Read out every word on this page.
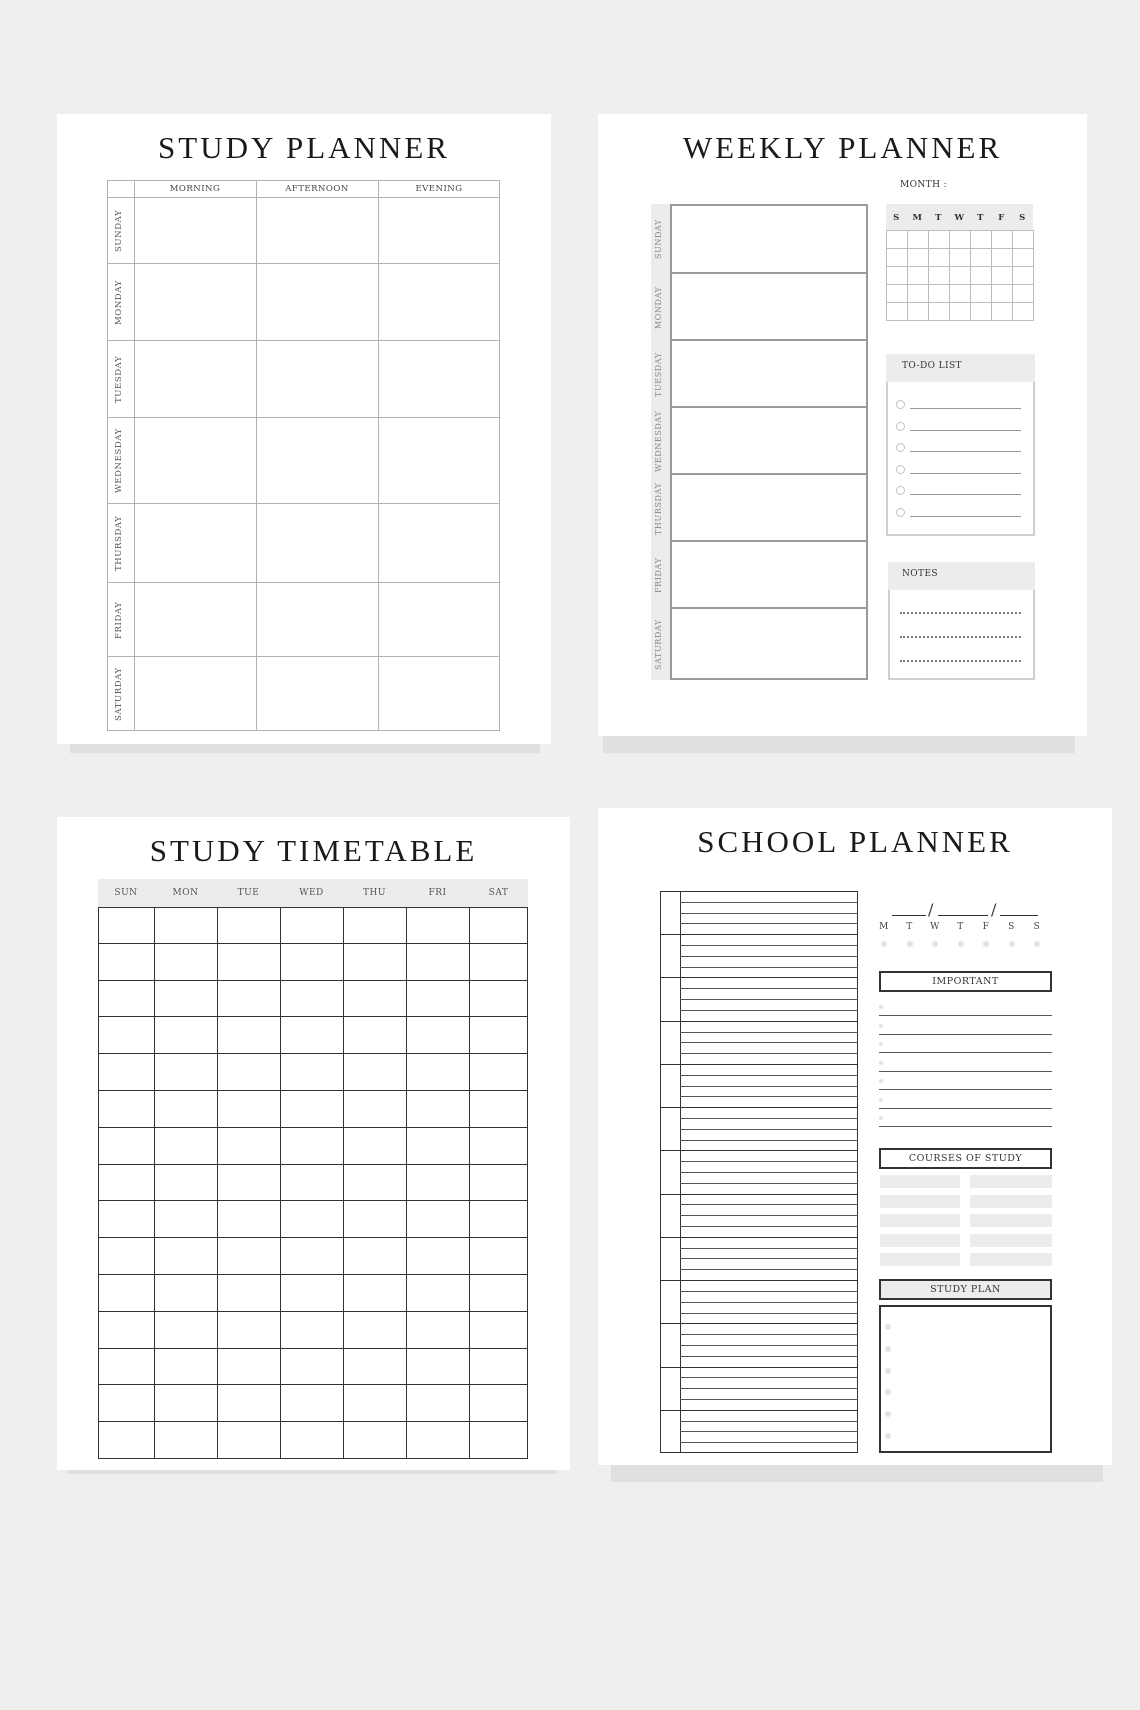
STUDY PLANNER
MORNING	AFTERNOON	EVENING
SUNDAY
MONDAY
TUESDAY
WEDNESDAY
THURSDAY
FRIDAY
SATURDAY
WEEKLY PLANNER
MONTH :
SUNDAY
MONDAY
TUESDAY
WEDNESDAY
THURSDAY
FRIDAY
SATURDAY
S	M	T	W	T	F	S
TO-DO LIST
NOTES
STUDY TIMETABLE
SUN	MON	TUE	WED	THU	FRI	SAT
SCHOOL PLANNER
/	/
M	T	W	T	F S S
IMPORTANT
COURSES OF STUDY
STUDY PLAN
